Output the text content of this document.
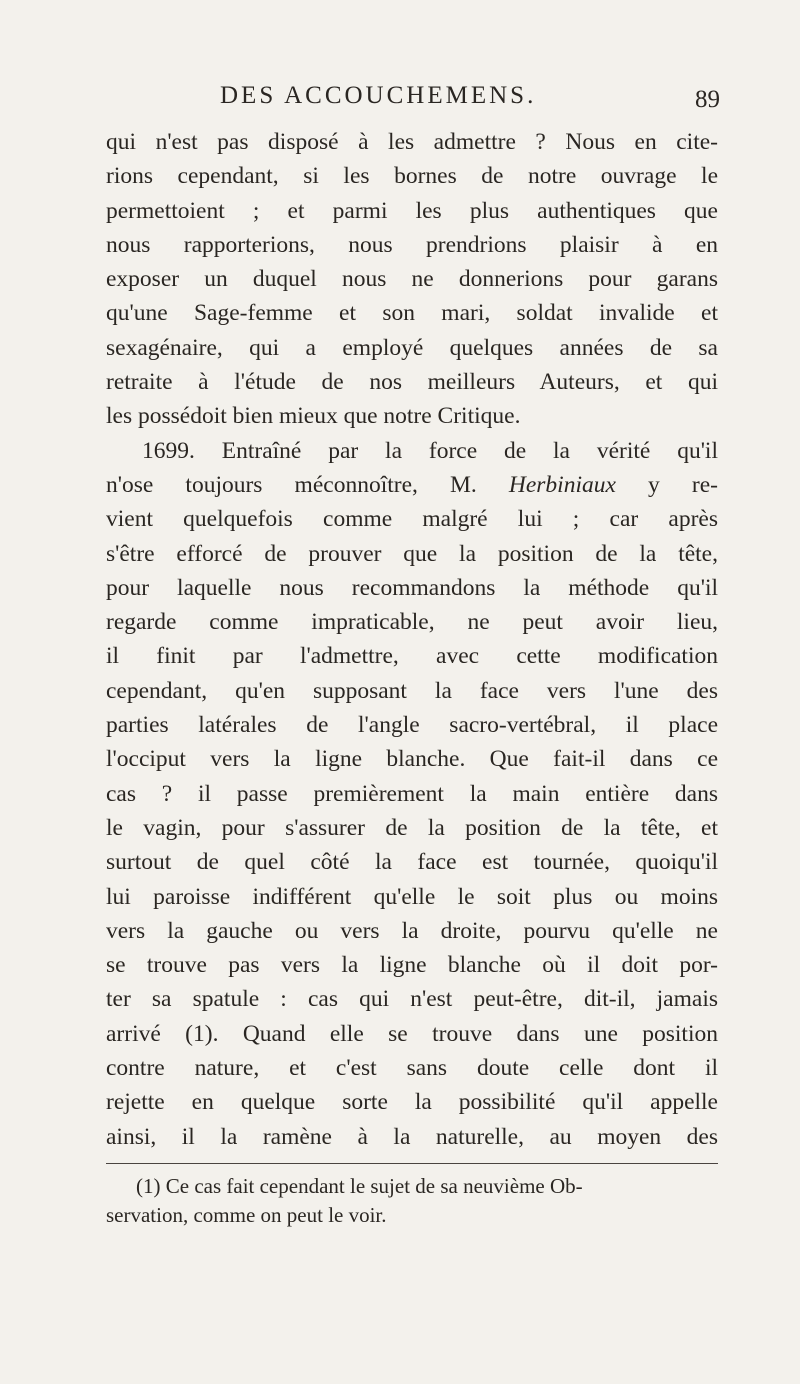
DES ACCOUCHEMENS.	89
qui n'est pas disposé à les admettre ? Nous en cite-
rions cependant, si les bornes de notre ouvrage le
permettoient ; et parmi les plus authentiques que
nous rapporterions, nous prendrions plaisir à en
exposer un duquel nous ne donnerions pour garans
qu'une Sage-femme et son mari, soldat invalide et
sexagénaire, qui a employé quelques années de sa
retraite à l'étude de nos meilleurs Auteurs, et qui
les possédoit bien mieux que notre Critique.
1699. Entraîné par la force de la vérité qu'il
n'ose toujours méconnoître, M. Herbiniaux y re-
vient quelquefois comme malgré lui ; car après
s'être efforcé de prouver que la position de la tête,
pour laquelle nous recommandons la méthode qu'il
regarde comme impraticable, ne peut avoir lieu,
il finit par l'admettre, avec cette modification
cependant, qu'en supposant la face vers l'une des
parties latérales de l'angle sacro-vertébral, il place
l'occiput vers la ligne blanche. Que fait-il dans ce
cas ? il passe premièrement la main entière dans
le vagin, pour s'assurer de la position de la tête, et
surtout de quel côté la face est tournée, quoiqu'il
lui paroisse indifférent qu'elle le soit plus ou moins
vers la gauche ou vers la droite, pourvu qu'elle ne
se trouve pas vers la ligne blanche où il doit por-
ter sa spatule : cas qui n'est peut-être, dit-il, jamais
arrivé (1). Quand elle se trouve dans une position
contre nature, et c'est sans doute celle dont il
rejette en quelque sorte la possibilité qu'il appelle
ainsi, il la ramène à la naturelle, au moyen des
(1) Ce cas fait cependant le sujet de sa neuvième Ob-
servation, comme on peut le voir.
